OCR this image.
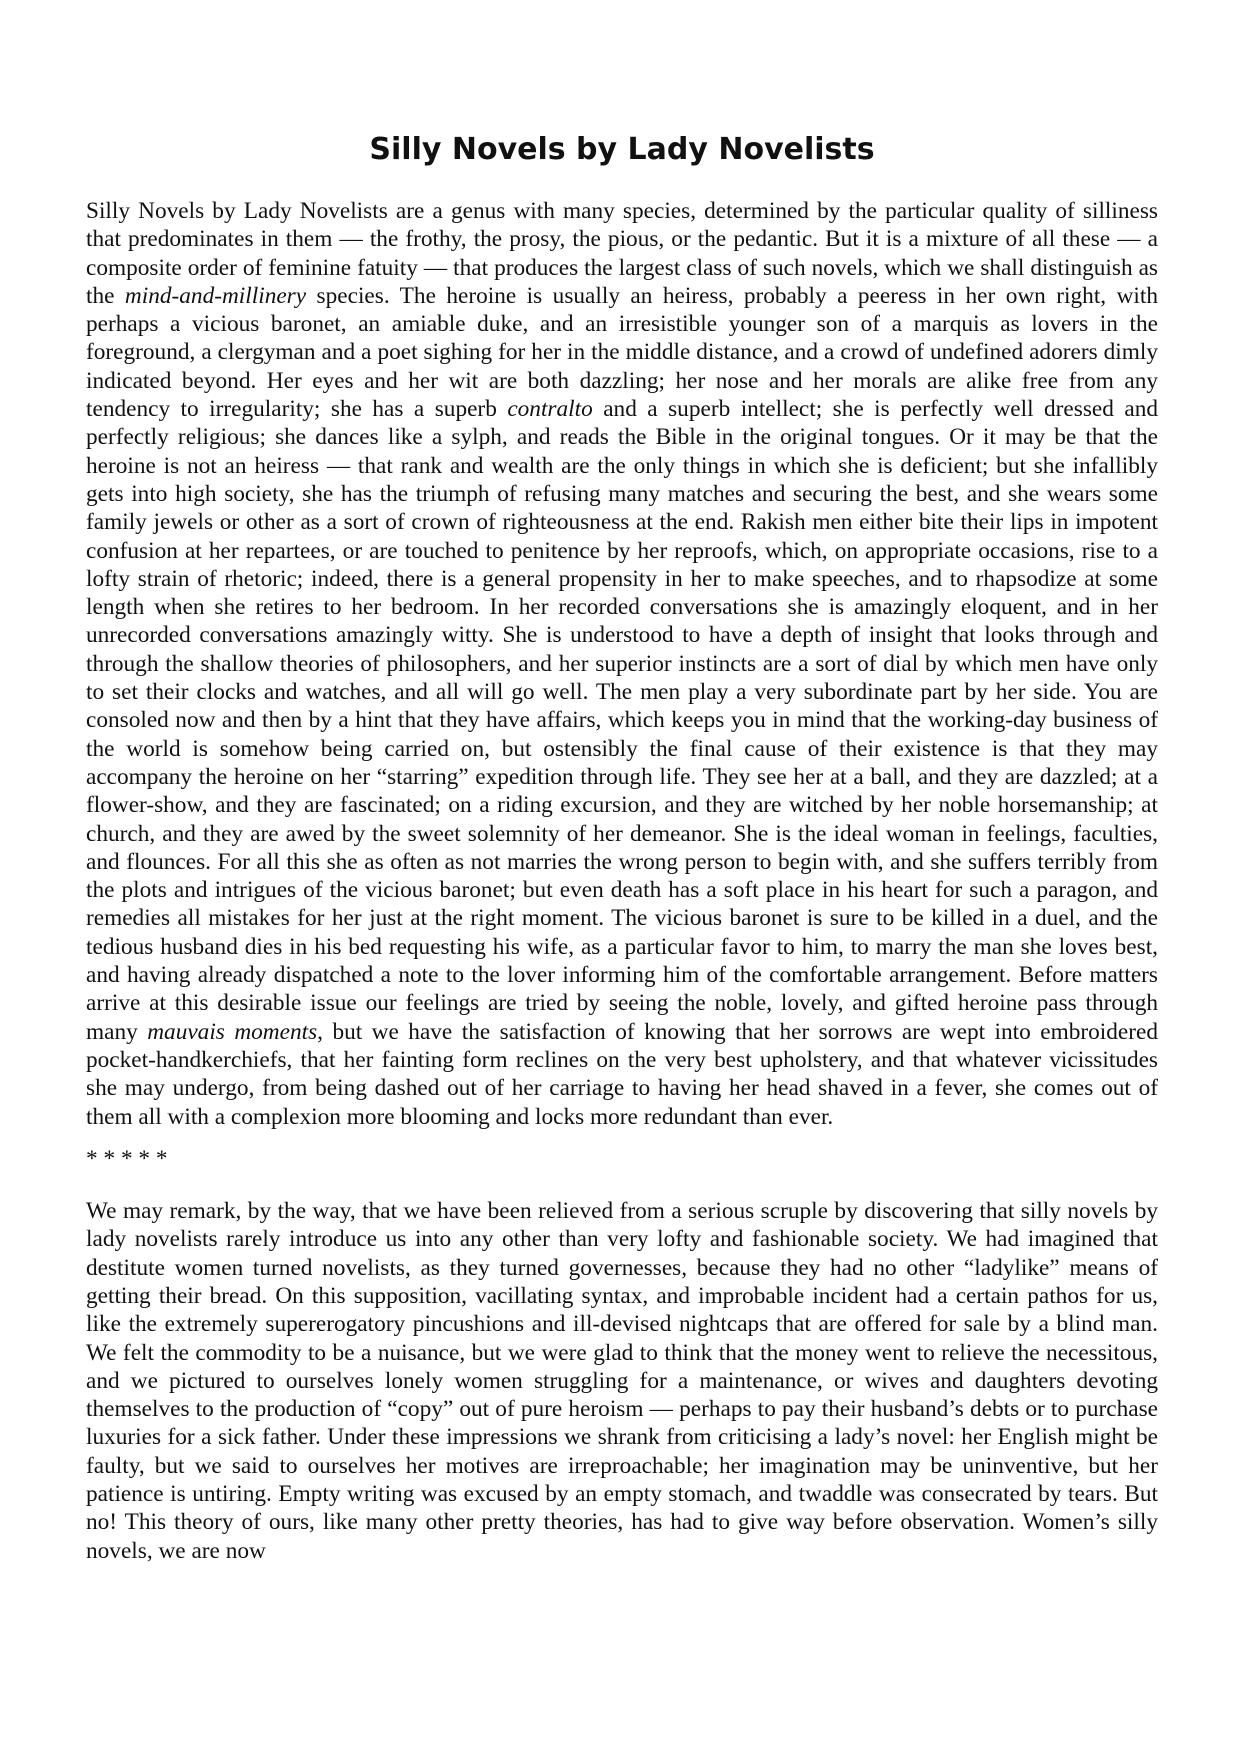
Silly Novels by Lady Novelists

Silly Novels by Lady Novelists are a genus with many species, determined by the particular quality of silliness that predominates in them — the frothy, the prosy, the pious, or the pedantic. But it is a mixture of all these — a composite order of feminine fatuity — that produces the largest class of such novels, which we shall distinguish as the mind-and-millinery species. The heroine is usually an heiress, probably a peeress in her own right, with perhaps a vicious baronet, an amiable duke, and an irresistible younger son of a marquis as lovers in the foreground, a clergyman and a poet sighing for her in the middle distance, and a crowd of undefined adorers dimly indicated beyond. Her eyes and her wit are both dazzling; her nose and her morals are alike free from any tendency to irregularity; she has a superb contralto and a superb intellect; she is perfectly well dressed and perfectly religious; she dances like a sylph, and reads the Bible in the original tongues. Or it may be that the heroine is not an heiress — that rank and wealth are the only things in which she is deficient; but she infallibly gets into high society, she has the triumph of refusing many matches and securing the best, and she wears some family jewels or other as a sort of crown of righteousness at the end. Rakish men either bite their lips in impotent confusion at her repartees, or are touched to penitence by her reproofs, which, on appropriate occasions, rise to a lofty strain of rhetoric; indeed, there is a general propensity in her to make speeches, and to rhapsodize at some length when she retires to her bedroom. In her recorded conversations she is amazingly eloquent, and in her unrecorded conversations amazingly witty. She is understood to have a depth of insight that looks through and through the shallow theories of philosophers, and her superior instincts are a sort of dial by which men have only to set their clocks and watches, and all will go well. The men play a very subordinate part by her side. You are consoled now and then by a hint that they have affairs, which keeps you in mind that the working-day business of the world is somehow being carried on, but ostensibly the final cause of their existence is that they may accompany the heroine on her “starring” expedition through life. They see her at a ball, and they are dazzled; at a flower-show, and they are fascinated; on a riding excursion, and they are witched by her noble horsemanship; at church, and they are awed by the sweet solemnity of her demeanor. She is the ideal woman in feelings, faculties, and flounces. For all this she as often as not marries the wrong person to begin with, and she suffers terribly from the plots and intrigues of the vicious baronet; but even death has a soft place in his heart for such a paragon, and remedies all mistakes for her just at the right moment. The vicious baronet is sure to be killed in a duel, and the tedious husband dies in his bed requesting his wife, as a particular favor to him, to marry the man she loves best, and having already dispatched a note to the lover informing him of the comfortable arrangement. Before matters arrive at this desirable issue our feelings are tried by seeing the noble, lovely, and gifted heroine pass through many mauvais moments, but we have the satisfaction of knowing that her sorrows are wept into embroidered pocket-handkerchiefs, that her fainting form reclines on the very best upholstery, and that whatever vicissitudes she may undergo, from being dashed out of her carriage to having her head shaved in a fever, she comes out of them all with a complexion more blooming and locks more redundant than ever.

* * * * *

We may remark, by the way, that we have been relieved from a serious scruple by discovering that silly novels by lady novelists rarely introduce us into any other than very lofty and fashionable society. We had imagined that destitute women turned novelists, as they turned governesses, because they had no other “ladylike” means of getting their bread. On this supposition, vacillating syntax, and improbable incident had a certain pathos for us, like the extremely supererogatory pincushions and ill-devised nightcaps that are offered for sale by a blind man. We felt the commodity to be a nuisance, but we were glad to think that the money went to relieve the necessitous, and we pictured to ourselves lonely women struggling for a maintenance, or wives and daughters devoting themselves to the production of “copy” out of pure heroism — perhaps to pay their husband’s debts or to purchase luxuries for a sick father. Under these impressions we shrank from criticising a lady’s novel: her English might be faulty, but we said to ourselves her motives are irreproachable; her imagination may be uninventive, but her patience is untiring. Empty writing was excused by an empty stomach, and twaddle was consecrated by tears. But no! This theory of ours, like many other pretty theories, has had to give way before observation. Women’s silly novels, we are now
